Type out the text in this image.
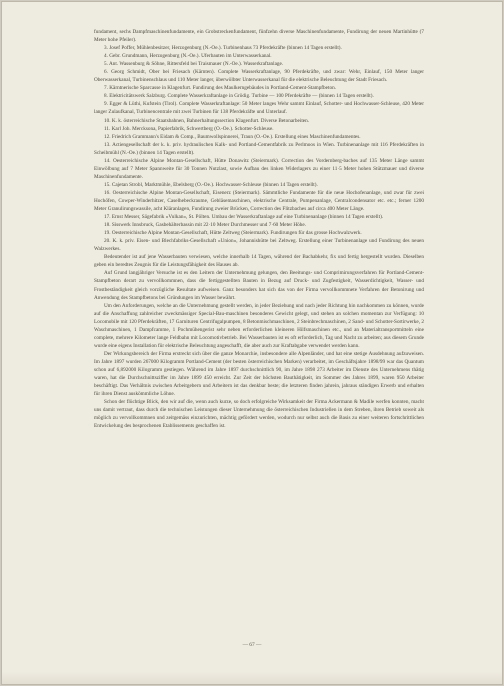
fundament, sechs Dampfmaschinenfundamente, ein Grobstreckenfundament, fünfzehn diverse Maschinenfundamente, Fundirung der neuen Martinhütte (7 Meter hohe Pfeiler).

3. Josef Poffer, Mühlenbesitzer, Herzogenburg (N.-Oe.). Turbinenhaus 73 Pferdekräfte (binnen 14 Tagen erstellt).

4. Gebr. Grundmann, Herzogenburg (N.-Oe.). Uferbauten im Unterwasserkanal.

5. Ant. Wassenburg & Söhne, Rittersfeld bei Traismauer (N.-Oe.). Wasserkraftanlage.

6. Georg Schmidt, Ober bei Friesach (Kärnten). Complete Wasserkraftanlage, 90 Pferdekräfte, und zwar: Wehr, Einlauf, 150 Meter langer Oberwasserkanal, Turbinenschlaus und 110 Meter langer, überwölbter Unterwasserkanal für die elektrische Beleuchtung der Stadt Friesach.

7. Kärntnerische Sparcasse in Klagenfurt. Fundirung des Maulkerngebäudes in Portland-Cement-Stampfbeton.

8. Elektricitätswerk Salzburg. Complete Wasserkraftanlage in Grödig. Turbine — 100 Pferdekräfte — (binnen 14 Tagen erstellt).

9. Egger & Lüthi, Kufstein (Tirol). Complete Wasserkraftanlage: 50 Meter langes Wehr sammt Einlauf, Schotter- und Hochwasser-Schleuse, 420 Meter langer Zulaufkanal, Turbinencentrale mit zwei Turbinen für 138 Pferdekräfte und Unterlauf.

10. K. k. österreichische Staatsbahnen, Bahnerhaltungssection Klagenfurt. Diverse Betonarbeiten.

11. Karl Joh. Mercksona, Papierfabrik, Schwertberg (O.-Oe.). Schotter-Schleuse.

12. Friedrich Grammann's Eidam & Comp., Baumwollspinnerei, Traun (O.-Oe.). Erstellung eines Maschinenfundamentes.

13. Actiengesellschaft der k. k. priv. hydraulischen Kalk- und Portland-Cementfabrik zu Perlmoos in Wien. Turbinenanlage mit 116 Pferdekräften in Scheibmühl (N.-Oe.) (binnen 14 Tagen erstellt).

14. Oesterreichische Alpine Montan-Gesellschaft, Hütte Donawitz (Steiermark). Correction des Vordernberg-baches auf 135 Meter Länge sammt Einwölbung auf 7 Meter Spannweite für 30 Tonnen Nutzlast, sowie Aufbau des linken Widerlagers zu einer 11·5 Meter hohen Stützmauer und diverse Maschinenfundamente.

15. Cajetan Strobl, Marktmühle, Ebelsberg (O.-Oe.). Hochwasser-Schleuse (binnen 14 Tagen erstellt).

16. Oesterreichische Alpine Montan-Gesellschaft, Eisenerz (Steiermark). Sämmtliche Fundamente für die neue Hochofenanlage, und zwar für zwei Hochöfen, Cowper-Winderhitzer, Caselhebeckraume, Gebläsemaschinen, elektrische Centrale, Pumpenanlage, Centralcondensator etc. etc.; ferner 1200 Meter Granulirungswassile, acht Kläranlagen, Fundirung zweier Brücken, Correction des Flitzbaches auf circa 400 Meter Länge.

17. Ernst Messer, Sägefabrik »Vulkan«, St. Pölten. Umbau der Wasserkraftanlage auf eine Turbinenanlage (binnen 14 Tagen erstellt).

18. Sisswerk Innsbruck, Gasbehälterbassin mit 22·10 Meter Durchmesser und 7·60 Meter Höhe.

19. Oesterreichische Alpine Montan-Gesellschaft, Hütte Zeltweg (Steiermark). Fundirungen für das grosse Hochwalzwerk.

20. K. k. priv. Eisen- und Blechfabriks-Gesellschaft »Union«, Johannishütte bei Zeltweg. Erstellung einer Turbinenanlage und Fundirung des neuen Walzwerkes.

Bedeutender ist auf jene Wasserbauten verwiesen, welche innerhalb 14 Tagen, während der Bachabkehr, fix und fertig hergestellt wurden. Dieselben geben ein beredtes Zeugnis für die Leistungsfähigkeit des Hauses ab.

Auf Grund langjähriger Versuche ist es den Leitern der Unternehmung gelungen, den Beeitungs- und Comprimirungsverfahren für Portland-Cement-Stampfbeton derart zu vervollkommnen, dass die fertiggestellten Bauten in Bezug auf Druck- und Zugfestigkeit, Wasserdichtigkeit, Wasser- und Frostbeständigkeit gleich vorzügliche Resultate aufweisen. Ganz besonders hat sich das von der Firma vervollkommnete Verfahren der Betonirung und Anwendung des Stampfbetons bei Gründungen im Wasser bewährt.

Um den Anforderungen, welche an die Unternehmung gestellt werden, in jeder Beziehung und nach jeder Richtung hin nachkommen zu können, wurde auf die Anschaffung zahlreicher zweckmässiger Special-Bau-maschinen besonderes Gewicht gelegt, und stehen an solchen momentan zur Verfügung: 10 Locomobile mit 120 Pferdekräften, 17 Garnituren Centrifugalpumpen, 8 Betonmischmaschinen, 2 Steinbrechmaschinen, 2 Sand- und Schotter-Sortirwerke, 2 Waschmaschinen, 1 Dampfcamme, 1 Pochmühengerist sehr neben erforderlichen kleineren Hilfsmaschinen etc., und an Materialtransportmitteln eine complete, mehrere Kilometer lange Feldbahn mit Locomotivbetrieb. Bei Wasserbauten ist es oft erforderlich, Tag und Nacht zu arbeiten; aus diesem Grunde wurde eine eigens Installation für elektrische Beleuchtung angeschafft, die aber auch zur Kraftabgabe verwendet werden kann.

Der Wirkungsbereich der Firma erstreckt sich über die ganze Monarchie, insbesondere alle Alpenländer, und hat eine stetige Ausdehnung aufzuweisen. Im Jahre 1897 wurden 267000 Kilogramm Portland-Cement (der besten österreichischen Marken) verarbeitet, im Geschäftsjahre 1898/99 war das Quantum schon auf 6,892000 Kilogramm gestiegen. Während im Jahre 1897 durchschnittlich 90, im Jahre 1898 273 Arbeiter im Dienste des Unternehmens thätig waren, hat die Durchschnittsziffer im Jahre 1899 450 erreicht. Zur Zeit der höchsten Bauthätigkeit, im Sommer des Jahres 1899, waren 950 Arbeiter beschäftigt. Das Verhältnis zwischen Arbeitgebern und Arbeitern ist das denkbar beste; die letzteren finden jahrein, jahraus ständigen Erwerb und erhalten für ihren Dienst auskömmliche Löhne.

Schon der flüchtige Blick, den wir auf die, wenn auch kurze, so doch erfolgreiche Wirksamkeit der Firma Ackermann & Madile werfen konnten, macht uns damit vertraut, dass durch die technischen Leistungen dieser Unternehmung die österreichischen Industriellen in dem Streben, ihren Betrieb soweit als möglich zu vervollkommnen und zeitgemäss einzurichten, mächtig gefördert werden, wodurch nur selbst auch die Basis zu einer weiteren fortschrittlichen Entwickelung des besprochenen Etablissements geschaffen ist.

— 67 —
